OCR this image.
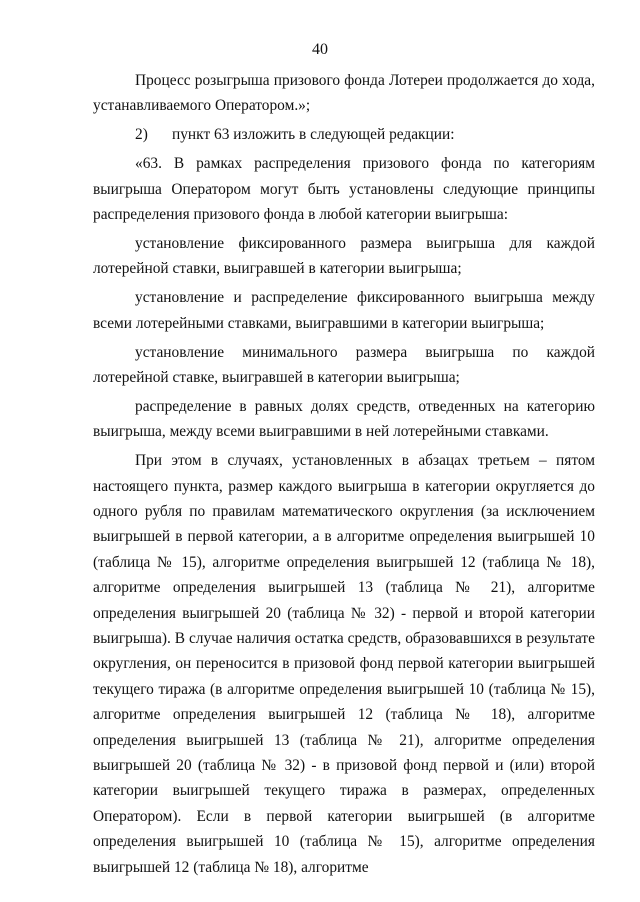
40

Процесс розыгрыша призового фонда Лотереи продолжается до хода, устанавливаемого Оператором.»;

2) пункт 63 изложить в следующей редакции:

«63. В рамках распределения призового фонда по категориям выигрыша Оператором могут быть установлены следующие принципы распределения призового фонда в любой категории выигрыша:

установление фиксированного размера выигрыша для каждой лотерейной ставки, выигравшей в категории выигрыша;

установление и распределение фиксированного выигрыша между всеми лотерейными ставками, выигравшими в категории выигрыша;

установление минимального размера выигрыша по каждой лотерейной ставке, выигравшей в категории выигрыша;

распределение в равных долях средств, отведенных на категорию выигрыша, между всеми выигравшими в ней лотерейными ставками.

При этом в случаях, установленных в абзацах третьем – пятом настоящего пункта, размер каждого выигрыша в категории округляется до одного рубля по правилам математического округления (за исключением выигрышей в первой категории, а в алгоритме определения выигрышей 10 (таблица № 15), алгоритме определения выигрышей 12 (таблица № 18), алгоритме определения выигрышей 13 (таблица № 21), алгоритме определения выигрышей 20 (таблица № 32) - первой и второй категории выигрыша). В случае наличия остатка средств, образовавшихся в результате округления, он переносится в призовой фонд первой категории выигрышей текущего тиража (в алгоритме определения выигрышей 10 (таблица № 15), алгоритме определения выигрышей 12 (таблица № 18), алгоритме определения выигрышей 13 (таблица № 21), алгоритме определения выигрышей 20 (таблица № 32) - в призовой фонд первой и (или) второй категории выигрышей текущего тиража в размерах, определенных Оператором). Если в первой категории выигрышей (в алгоритме определения выигрышей 10 (таблица № 15), алгоритме определения выигрышей 12 (таблица № 18), алгоритме
